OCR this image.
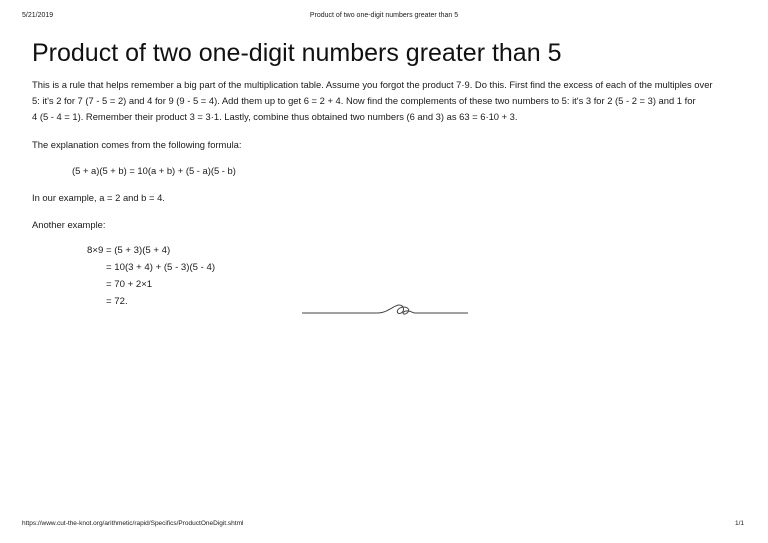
5/21/2019	Product of two one-digit numbers greater than 5
Product of two one-digit numbers greater than 5

This is a rule that helps remember a big part of the multiplication table. Assume you forgot the product 7·9. Do this. First find the excess of each of the multiples over

5: it's 2 for 7 (7 - 5 = 2) and 4 for 9 (9 - 5 = 4). Add them up to get 6 = 2 + 4. Now find the complements of these two numbers to 5: it's 3 for 2 (5 - 2 = 3) and 1 for

4 (5 - 4 = 1). Remember their product 3 = 3·1. Lastly, combine thus obtained two numbers (6 and 3) as 63 = 6·10 + 3.

The explanation comes from the following formula:

(5 + a)(5 + b) = 10(a + b) + (5 - a)(5 - b)

In our example, a = 2 and b = 4.

Another example:

8×9 = (5 + 3)(5 + 4)
= 10(3 + 4) + (5 - 3)(5 - 4)
= 70 + 2×1
= 72.
https://www.cut-the-knot.org/arithmetic/rapid/Specifics/ProductOneDigit.shtml	1/1
